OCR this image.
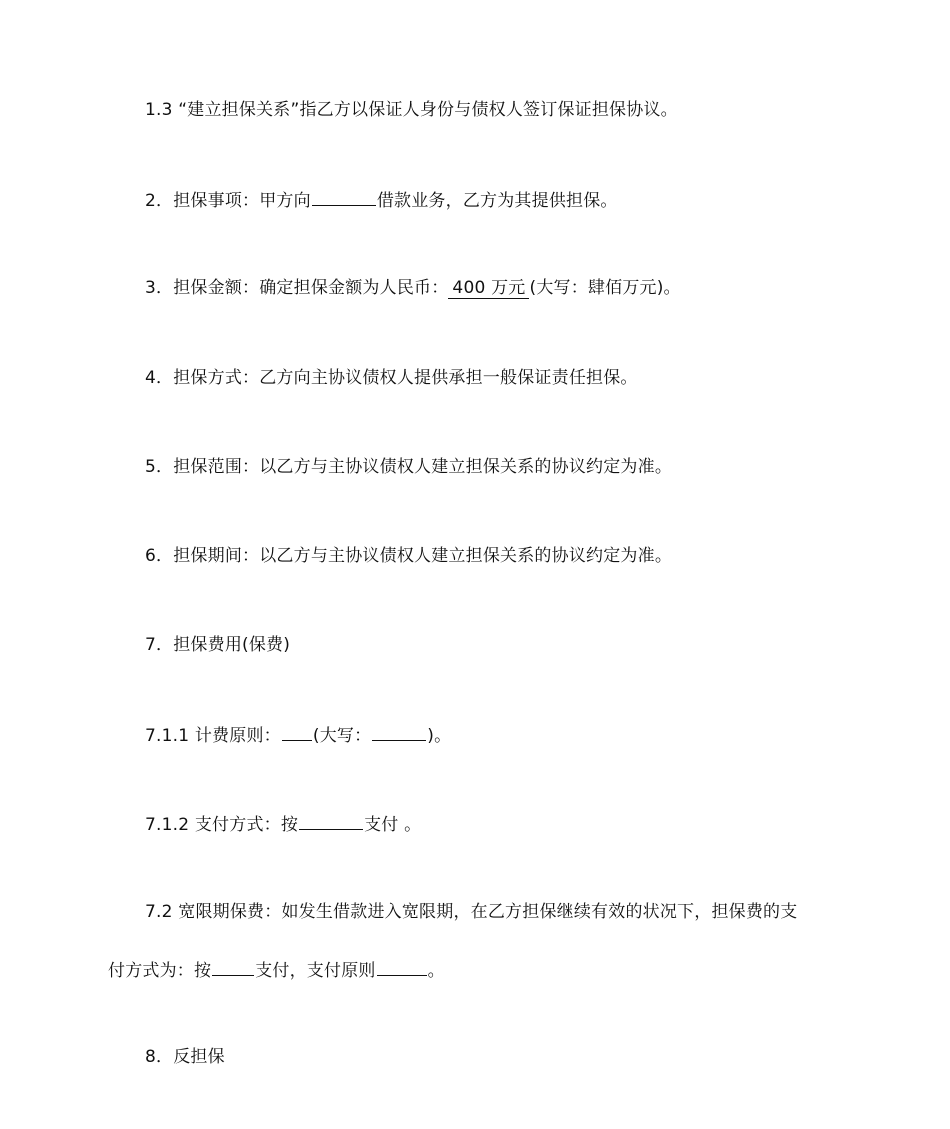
1.3 “建立担保关系”指乙方以保证人身份与债权人签订保证担保协议。
2．担保事项：甲方向	借款业务，乙方为其提供担保。
3．担保金额：确定担保金额为人民币： 400 万元 (大写：肆佰万元)。
4．担保方式：乙方向主协议债权人提供承担一般保证责任担保。
5．担保范围：以乙方与主协议债权人建立担保关系的协议约定为准。
6．担保期间：以乙方与主协议债权人建立担保关系的协议约定为准。
7．担保费用(保费)
7.1.1 计费原则： (大写：	)。
7.1.2 支付方式：按	支付 。
7.2 宽限期保费：如发生借款进入宽限期，在乙方担保继续有效的状况下，担保费的支
付方式为：按	支付，支付原则	。
8．反担保
